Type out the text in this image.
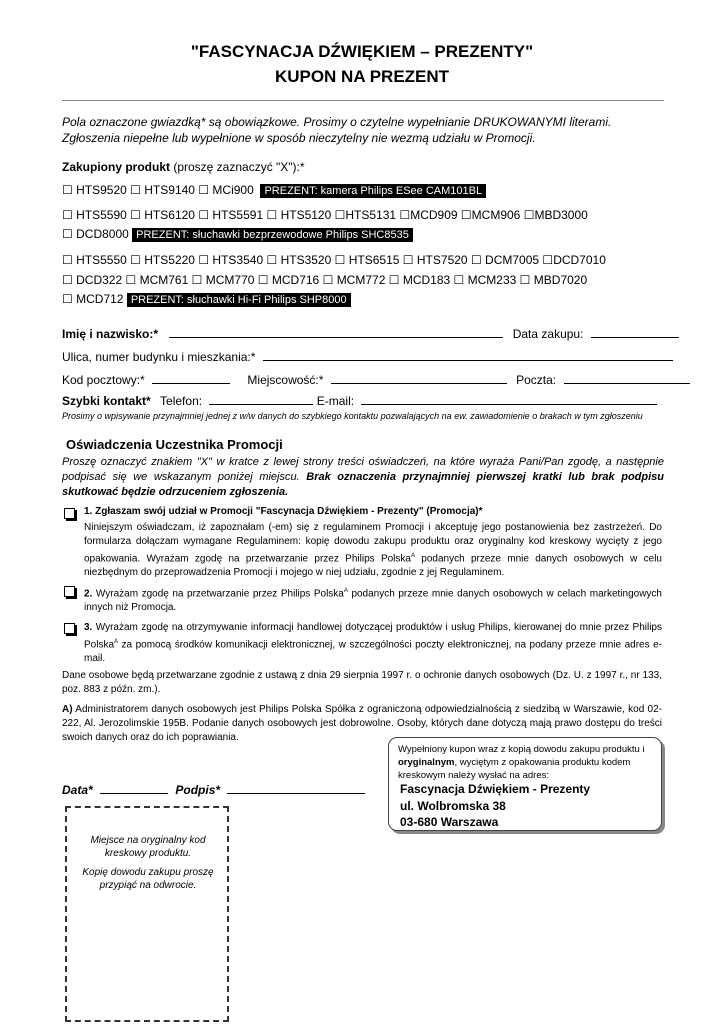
"FASCYNACJA DŹWIĘKIEM – PREZENTY"
KUPON NA PREZENT
Pola oznaczone gwiazdką* są obowiązkowe. Prosimy o czytelne wypełnianie DRUKOWANYMI literami.
Zgłoszenia niepełne lub wypełnione w sposób nieczytelny nie wezmą udziału w Promocji.
Zakupiony produkt (proszę zaznaczyć "X"):*
☐ HTS9520 ☐ HTS9140 ☐ MCi900 PREZENT: kamera Philips ESee CAM101BL
☐ HTS5590 ☐ HTS6120 ☐ HTS5591 ☐ HTS5120 ☐HTS5131 ☐MCD909 ☐MCM906 ☐MBD3000
☐ DCD8000 PREZENT: słuchawki bezprzewodowe Philips SHC8535
☐ HTS5550 ☐ HTS5220 ☐ HTS3540 ☐ HTS3520 ☐ HTS6515 ☐ HTS7520 ☐ DCM7005 ☐DCD7010
☐ DCD322 ☐ MCM761 ☐ MCM770 ☐ MCD716 ☐ MCM772 ☐ MCD183 ☐ MCM233 ☐ MBD7020
☐ MCD712 PREZENT: słuchawki Hi-Fi Philips SHP8000
Imię i nazwisko:*	Data zakupu:
Ulica, numer budynku i mieszkania:*
Kod pocztowy:*	Miejscowość:*	Poczta:
Szybki kontakt* Telefon:	E-mail:
Prosimy o wpisywanie przynajmniej jednej z w/w danych do szybkiego kontaktu pozwalających na ew. zawiadomienie o brakach w tym zgłoszeniu
Oświadczenia Uczestnika Promocji
Proszę oznaczyć znakiem "X" w kratce z lewej strony treści oświadczeń, na które wyraża Pani/Pan zgodę, a następnie podpisać się we wskazanym poniżej miejscu. Brak oznaczenia przynajmniej pierwszej kratki lub brak podpisu skutkować będzie odrzuceniem zgłoszenia.
1. Zgłaszam swój udział w Promocji "Fascynacja Dźwiękiem - Prezenty" (Promocja)*
Niniejszym oświadczam, iż zapoznałam (-em) się z regulaminem Promocji i akceptuję jego postanowienia bez zastrzeżeń. Do formularza dołączam wymagane Regulaminem: kopię dowodu zakupu produktu oraz oryginalny kod kreskowy wycięty z jego opakowania. Wyrażam zgodę na przetwarzanie przez Philips Polska$^A$ podanych przeze mnie danych osobowych w celu niezbędnym do przeprowadzenia Promocji i mojego w niej udziału, zgodnie z jej Regulaminem.
2. Wyrażam zgodę na przetwarzanie przez Philips Polska$^A$ podanych przeze mnie danych osobowych w celach marketingowych innych niż Promocja.
3. Wyrażam zgodę na otrzymywanie informacji handlowej dotyczącej produktów i usług Philips, kierowanej do mnie przez Philips Polska$^A$ za pomocą środków komunikacji elektronicznej, w szczególności poczty elektronicznej, na podany przeze mnie adres e-mail.
Dane osobowe będą przetwarzane zgodnie z ustawą z dnia 29 sierpnia 1997 r. o ochronie danych osobowych (Dz. U. z 1997 r., nr 133, poz. 883 z późn. zm.).
A) Administratorem danych osobowych jest Philips Polska Spółka z ograniczoną odpowiedzialnością z siedzibą w Warszawie, kod 02-222, Al. Jerozolimskie 195B. Podanie danych osobowych jest dobrowolne. Osoby, których dane dotyczą mają prawo dostępu do treści swoich danych oraz do ich poprawiania.
Wypełniony kupon wraz z kopią dowodu zakupu produktu i oryginalnym, wyciętym z opakowania produktu kodem kreskowym należy wysłać na adres:
Fascynacja Dźwiękiem - Prezenty
ul. Wolbromska 38
03-680 Warszawa
Data*	Podpis*
Miejsce na oryginalny kod kreskowy produktu.
Kopię dowodu zakupu proszę przypiąć na odwrocie.
